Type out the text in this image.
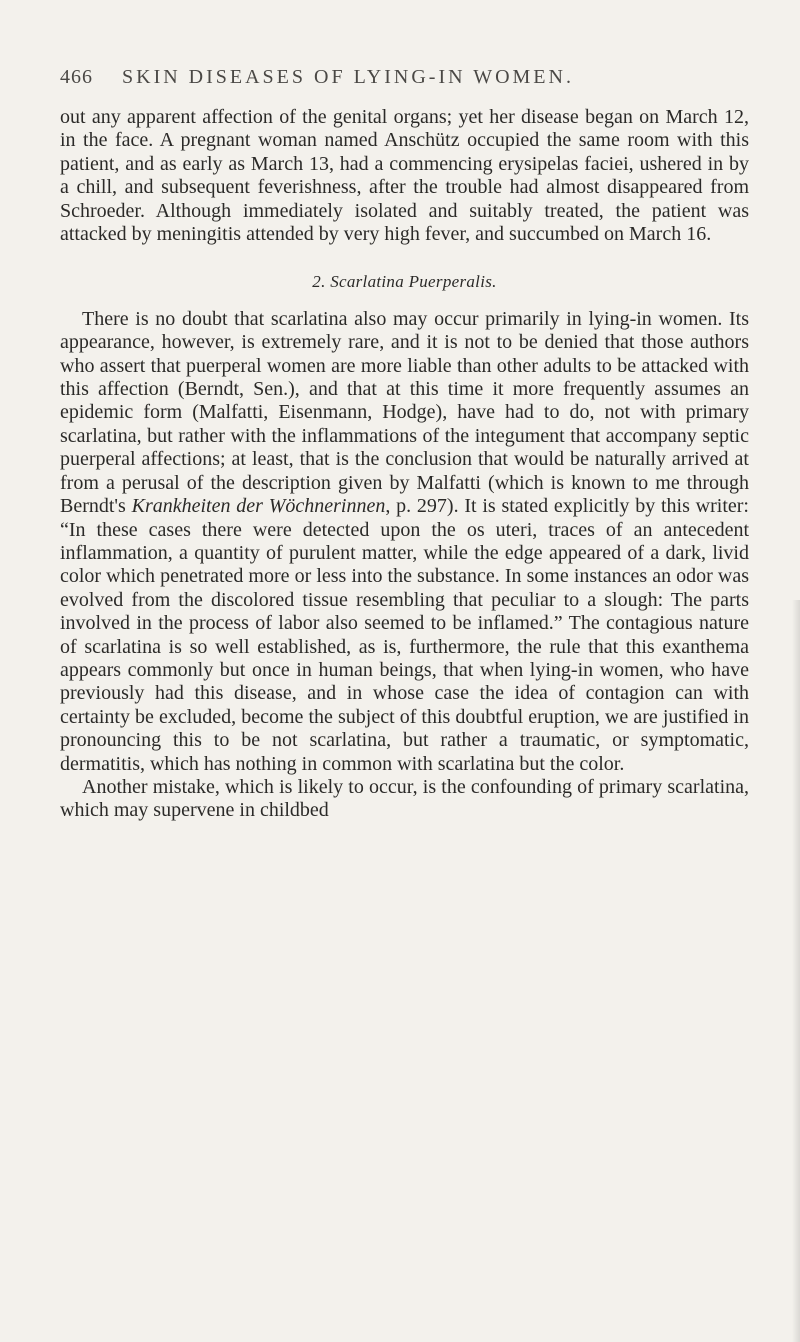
466 SKIN DISEASES OF LYING-IN WOMEN.

out any apparent affection of the genital organs; yet her disease began on March 12, in the face. A pregnant woman named Anschütz occupied the same room with this patient, and as early as March 13, had a commencing erysipelas faciei, ushered in by a chill, and subsequent feverishness, after the trouble had almost disappeared from Schroeder. Although immediately isolated and suitably treated, the patient was attacked by meningitis attended by very high fever, and succumbed on March 16.

2. Scarlatina Puerperalis.

There is no doubt that scarlatina also may occur primarily in lying-in women. Its appearance, however, is extremely rare, and it is not to be denied that those authors who assert that puerperal women are more liable than other adults to be attacked with this affection (Berndt, Sen.), and that at this time it more frequently assumes an epidemic form (Malfatti, Eisenmann, Hodge), have had to do, not with primary scarlatina, but rather with the inflammations of the integument that accompany septic puerperal affections; at least, that is the conclusion that would be naturally arrived at from a perusal of the description given by Malfatti (which is known to me through Berndt's Krankheiten der Wöchnerinnen, p. 297). It is stated explicitly by this writer: “In these cases there were detected upon the os uteri, traces of an antecedent inflammation, a quantity of purulent matter, while the edge appeared of a dark, livid color which penetrated more or less into the substance. In some instances an odor was evolved from the discolored tissue resembling that peculiar to a slough: The parts involved in the process of labor also seemed to be inflamed.” The contagious nature of scarlatina is so well established, as is, furthermore, the rule that this exanthema appears commonly but once in human beings, that when lying-in women, who have previously had this disease, and in whose case the idea of contagion can with certainty be excluded, become the subject of this doubtful eruption, we are justified in pronouncing this to be not scarlatina, but rather a traumatic, or symptomatic, dermatitis, which has nothing in common with scarlatina but the color.

Another mistake, which is likely to occur, is the confounding of primary scarlatina, which may supervene in childbed
